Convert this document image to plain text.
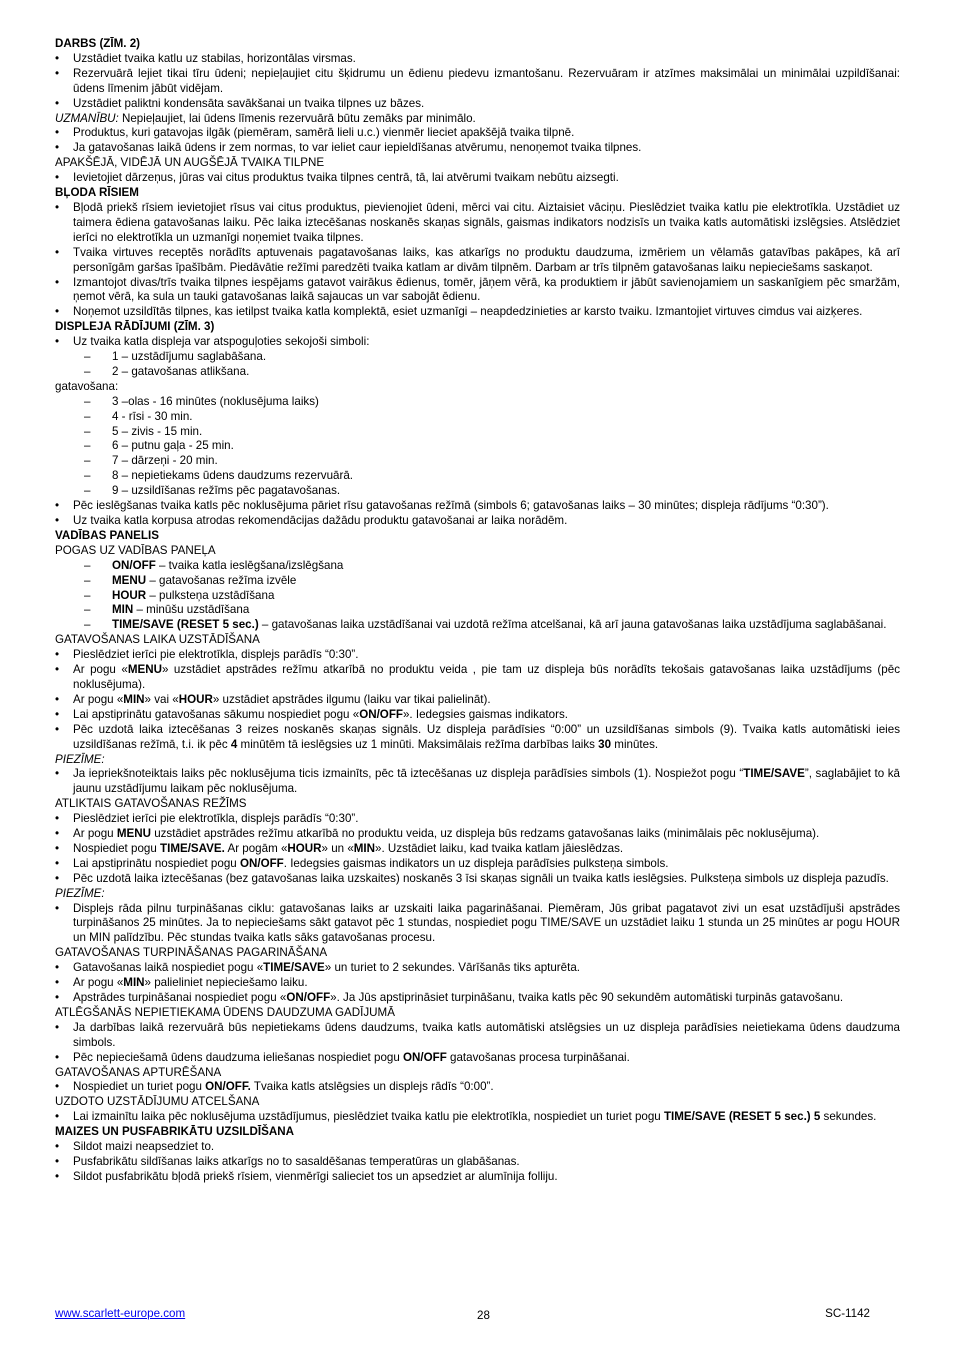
DARBS (ZĪM. 2)
• Uzstādiet tvaika katlu uz stabilas, horizontālas virsmas.
• Rezervuārā lejiet tikai tīru ūdeni; nepieļaujiet citu šķidrumu un ēdienu piedevu izmantošanu. Rezervuāram ir atzīmes maksimālai un minimālai uzpildīšanai: ūdens līmenim jābūt vidējam.
• Uzstādiet paliktni kondensāta savākšanai un tvaika tilpnes uz bāzes.
UZMANĪBU: Nepieļaujiet, lai ūdens līmenis rezervuārā būtu zemāks par minimālo.
• Produktus, kuri gatavojas ilgāk (piemēram, samērā lieli u.c.) vienmēr lieciet apakšējā tvaika tilpnē.
• Ja gatavošanas laikā ūdens ir zem normas, to var ieliet caur iepieldīšanas atvērumu, nenoņemot tvaika tilpnes.
APAKŠĒJĀ, VIDĒJĀ UN AUGŠĒJĀ TVAIKA TILPNE
• Ievietojiet dārzeņus, jūras vai citus produktus tvaika tilpnes centrā, tā, lai atvērumi tvaikam nebūtu aizsegti.
BĻODA RĪSIEM
• Bļodā priekš rīsiem ievietojiet rīsus vai citus produktus, pievienojiet ūdeni, mērci vai citu. Aiztaisiet vāciņu. Pieslēdziet tvaika katlu pie elektrotīkla. Uzstādiet uz taimera ēdiena gatavošanas laiku. Pēc laika iztecēšanas noskanēs skaņas signāls, gaismas indikators nodzisīs un tvaika katls automātiski izslēgsies. Atslēdziet ierīci no elektrotīkla un uzmanīgi noņemiet tvaika tilpnes.
• Tvaika virtuves receptēs norādīts aptuvenais pagatavošanas laiks, kas atkarīgs no produktu daudzuma, izmēriem un vēlamās gatavības pakāpes, kā arī personīgām garšas īpašībām. Piedāvātie režīmi paredzēti tvaika katlam ar divām tilpnēm. Darbam ar trīs tilpnēm gatavošanas laiku nepieciešams saskaņot.
• Izmantojot divas/trīs tvaika tilpnes iespējams gatavot vairākus ēdienus, tomēr, jāņem vērā, ka produktiem ir jābūt savienojamiem un saskanīgiem pēc smaržām, ņemot vērā, ka sula un tauki gatavošanas laikā sajaucas un var sabojāt ēdienu.
• Noņemot uzsildītās tilpnes, kas ietilpst tvaika katla komplektā, esiet uzmanīgi – neapdedzinieties ar karsto tvaiku. Izmantojiet virtuves cimdus vai aizķeres.
DISPLEJA RĀDĪJUMI (ZĪM. 3)
• Uz tvaika katla displeja var atspoguļoties sekojoši simboli:
– 1 – uzstādījumu saglabāšana.
– 2 – gatavošanas atlikšana.
gatavošana:
– 3 –olas - 16 minūtes (noklusējuma laiks)
– 4 - rīsi - 30 min.
– 5 – zivis - 15 min.
– 6 – putnu gaļa - 25 min.
– 7 – dārzeņi - 20 min.
– 8 – nepietiekams ūdens daudzums rezervuārā.
– 9 – uzsildīšanas režīms pēc pagatavošanas.
• Pēc ieslēgšanas tvaika katls pēc noklusējuma pāriet rīsu gatavošanas režīmā (simbols 6; gatavošanas laiks – 30 minūtes; displeja rādījums “0:30”).
• Uz tvaika katla korpusa atrodas rekomendācijas dažādu produktu gatavošanai ar laika norādēm.
VADĪBAS PANELIS
POGAS UZ VADĪBAS PANEĻA
– ON/OFF – tvaika katla ieslēgšana/izslēgšana
– MENU – gatavošanas režīma izvēle
– HOUR – pulksteņa uzstādīšana
– MIN – minūšu uzstādīšana
– TIME/SAVE (RESET 5 sec.) – gatavošanas laika uzstādīšanai vai uzdotā režīma atcelšanai, kā arī jauna gatavošanas laika uzstādījuma saglabāšanai.
GATAVOŠANAS LAIKA UZSTĀDĪŠANA
• Pieslēdziet ierīci pie elektrotīkla, displejs parādīs “0:30”.
• Ar pogu «MENU» uzstādiet apstrādes režīmu atkarībā no produktu veida , pie tam uz displeja būs norādīts tekošais gatavošanas laika uzstādījums (pēc noklusējuma).
• Ar pogu «MIN» vai «HOUR» uzstādiet apstrādes ilgumu (laiku var tikai palielināt).
• Lai apstiprinātu gatavošanas sākumu nospiediet pogu «ON/OFF». Iedegsies gaismas indikators.
• Pēc uzdotā laika iztecēšanas 3 reizes noskanēs skaņas signāls. Uz displeja parādīsies “0:00” un uzsildīšanas simbols (9). Tvaika katls automātiski ieies uzsildīšanas režīmā, t.i. ik pēc 4 minūtēm tā ieslēgsies uz 1 minūti. Maksimālais režīma darbības laiks 30 minūtes.
PIEZĪME:
• Ja iepriekšnoteiktais laiks pēc noklusējuma ticis izmainīts, pēc tā iztecēšanas uz displeja parādīsies simbols (1). Nospiežot pogu “TIME/SAVE”, saglabājiet to kā jaunu uzstādījumu laikam pēc noklusējuma.
ATLIKTAIS GATAVOŠANAS REŽĪMS
• Pieslēdziet ierīci pie elektrotīkla, displejs parādīs “0:30”.
• Ar pogu MENU uzstādiet apstrādes režīmu atkarībā no produktu veida, uz displeja būs redzams gatavošanas laiks (minimālais pēc noklusējuma).
• Nospiediet pogu TIME/SAVE. Ar pogām «HOUR» un «MIN». Uzstādiet laiku, kad tvaika katlam jāieslēdzas.
• Lai apstiprinātu nospiediet pogu ON/OFF. Iedegsies gaismas indikators un uz displeja parādīsies pulksteņa simbols.
• Pēc uzdotā laika iztecēšanas (bez gatavošanas laika uzskaites) noskanēs 3 īsi skaņas signāli un tvaika katls ieslēgsies. Pulksteņa simbols uz displeja pazudīs.
PIEZĪME:
• Displejs rāda pilnu turpināšanas ciklu: gatavošanas laiks ar uzskaiti laika pagarināšanai. Piemēram, Jūs gribat pagatavot zivi un esat uzstādījuši apstrādes turpināšanos 25 minūtes. Ja to nepieciešams sākt gatavot pēc 1 stundas, nospiediet pogu TIME/SAVE un uzstādiet laiku 1 stunda un 25 minūtes ar pogu HOUR un MIN palīdzību. Pēc stundas tvaika katls sāks gatavošanas procesu.
GATAVOŠANAS TURPINĀŠANAS PAGARINĀŠANA
• Gatavošanas laikā nospiediet pogu «TIME/SAVE» un turiet to 2 sekundes. Vārīšanās tiks apturēta.
• Ar pogu «MIN» palieliniet nepieciešamo laiku.
• Apstrādes turpināšanai nospiediet pogu «ON/OFF». Ja Jūs apstiprināsiet turpināšanu, tvaika katls pēc 90 sekundēm automātiski turpinās gatavošanu.
ATLĒGŠANĀS NEPIETIEKAMA ŪDENS DAUDZUMA GADĪJUMĀ
• Ja darbības laikā rezervuārā būs nepietiekams ūdens daudzums, tvaika katls automātiski atslēgsies un uz displeja parādīsies neietiekama ūdens daudzuma simbols.
• Pēc nepieciešamā ūdens daudzuma ieliešanas nospiediet pogu ON/OFF gatavošanas procesa turpināšanai.
GATAVOŠANAS APTURĒŠANA
• Nospiediet un turiet pogu ON/OFF. Tvaika katls atslēgsies un displejs rādīs “0:00”.
UZDOTO UZSTĀDĪJUMU ATCELŠANA
• Lai izmainītu laika pēc noklusējuma uzstādījumus, pieslēdziet tvaika katlu pie elektrotīkla, nospiediet un turiet pogu TIME/SAVE (RESET 5 sec.) 5 sekundes.
MAIZES UN PUSFABRIKĀTU UZSILDĪŠANA
• Sildot maizi neapsedziet to.
• Pusfabrikātu sildīšanas laiks atkarīgs no to sasaldēšanas temperatūras un glabāšanas.
• Sildot pusfabrikātu bļodā priekš rīsiem, vienmērīgi salieciet tos un apsedziet ar alumīnija folliju.
www.scarlett-europe.com	28	SC-1142
